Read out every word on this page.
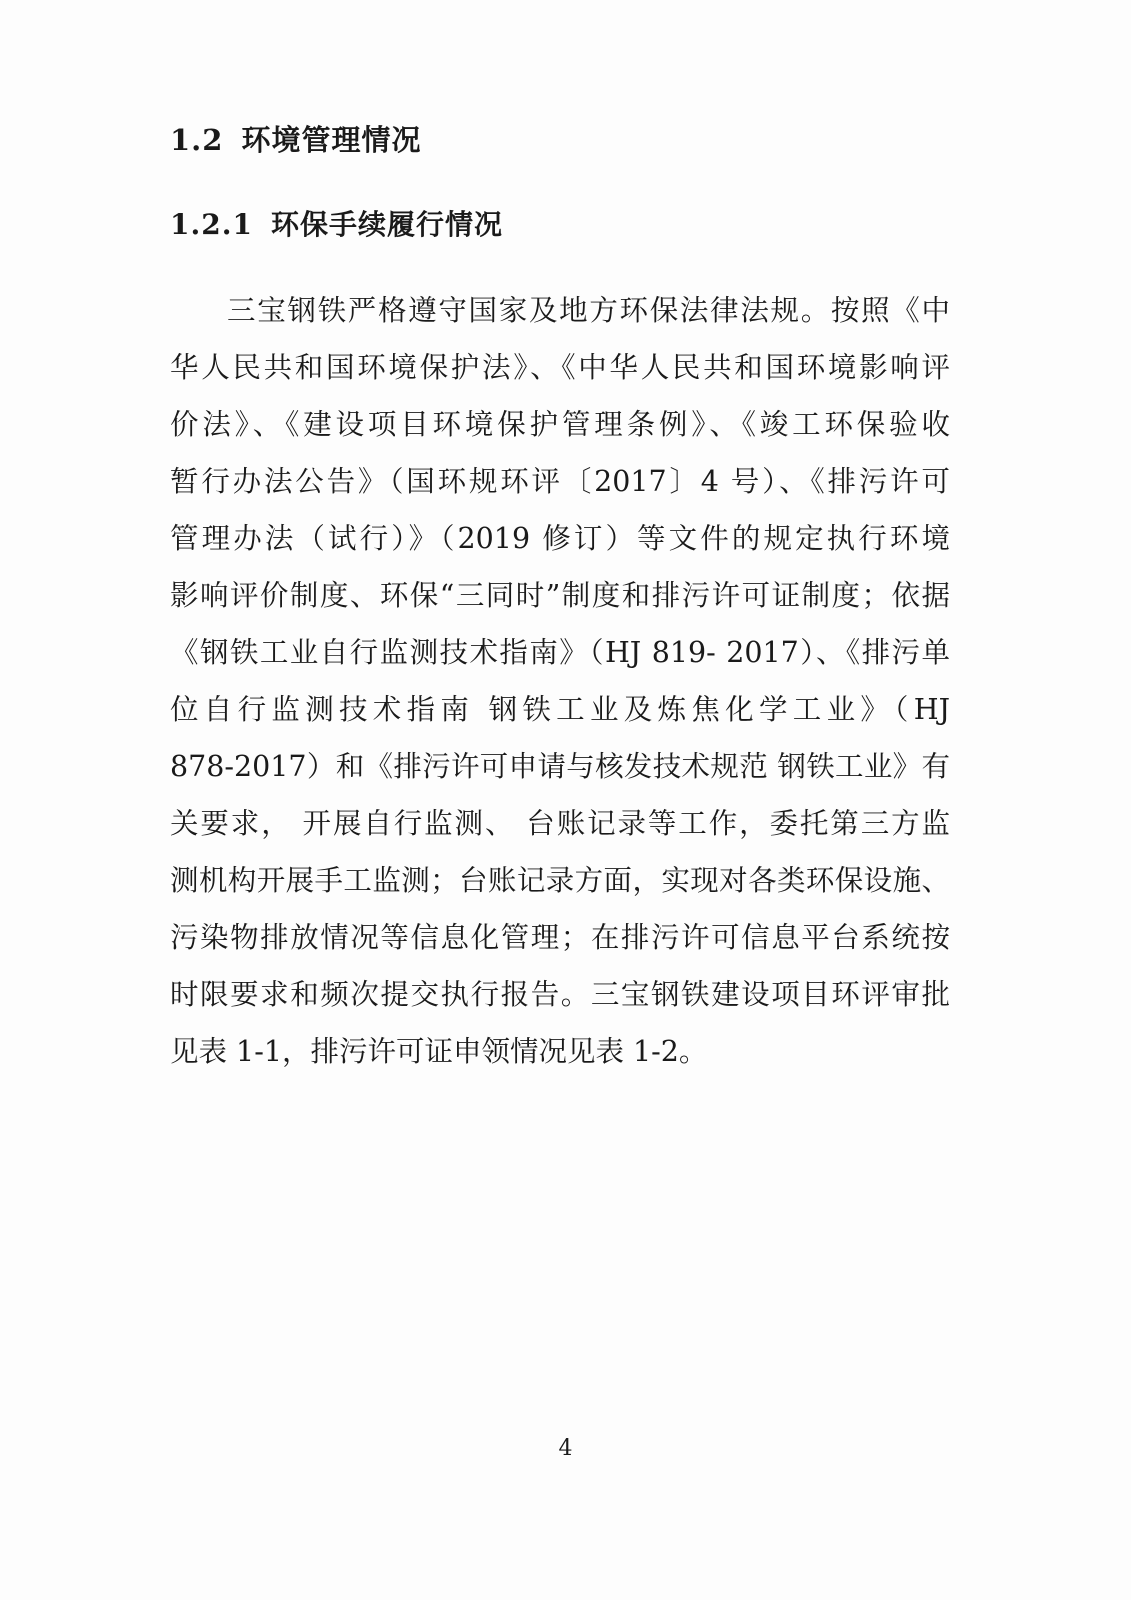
1.2 环境管理情况
1.2.1 环保手续履行情况
三宝钢铁严格遵守国家及地方环保法律法规。按照《中
华人民共和国环境保护法》、《中华人民共和国环境影响评
价法》、《建设项目环境保护管理条例》、《竣工环保验收
暂行办法公告》（国环规环评〔2017〕4 号）、《排污许可
管理办法（试行）》（2019 修订）等文件的规定执行环境
影响评价制度、环保“三同时”制度和排污许可证制度；依据
《钢铁工业自行监测技术指南》（HJ 819- 2017）、《排污单
位自行监测技术指南 钢铁工业及炼焦化学工业》（HJ
878-2017）和《排污许可申请与核发技术规范 钢铁工业》有
关要求， 开展自行监测、 台账记录等工作，委托第三方监
测机构开展手工监测；台账记录方面，实现对各类环保设施、
污染物排放情况等信息化管理；在排污许可信息平台系统按
时限要求和频次提交执行报告。三宝钢铁建设项目环评审批
见表 1-1，排污许可证申领情况见表 1-2。

4
